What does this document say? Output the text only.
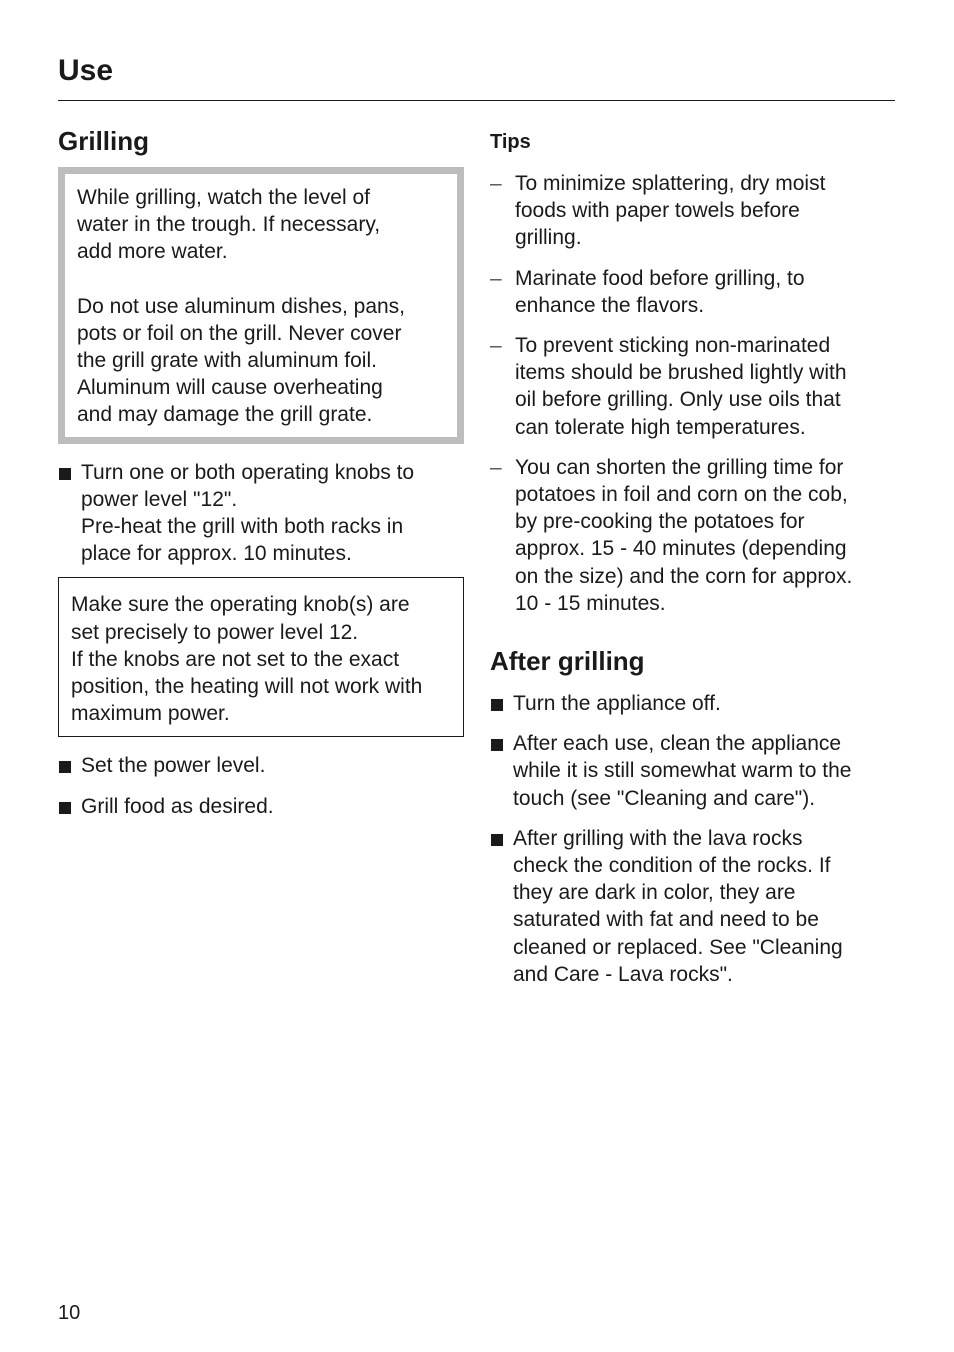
Use
Grilling

While grilling, watch the level of
water in the trough. If necessary,
add more water.

Do not use aluminum dishes, pans,
pots or foil on the grill. Never cover
the grill grate with aluminum foil.
Aluminum will cause overheating
and may damage the grill grate.

Turn one or both operating knobs to
power level "12".
Pre-heat the grill with both racks in
place for approx. 10 minutes.
Make sure the operating knob(s) are
set precisely to power level 12.
If the knobs are not set to the exact
position, the heating will not work with
maximum power.
Set the power level.
Grill food as desired.

Tips

– To minimize splattering, dry moist
foods with paper towels before
grilling.
– Marinate food before grilling, to
enhance the flavors.
– To prevent sticking non-marinated
items should be brushed lightly with
oil before grilling. Only use oils that
can tolerate high temperatures.
– You can shorten the grilling time for
potatoes in foil and corn on the cob,
by pre-cooking the potatoes for
approx. 15 - 40 minutes (depending
on the size) and the corn for approx.
10 - 15 minutes.
After grilling
Turn the appliance off.
After each use, clean the appliance
while it is still somewhat warm to the
touch (see "Cleaning and care").
After grilling with the lava rocks
check the condition of the rocks. If
they are dark in color, they are
saturated with fat and need to be
cleaned or replaced. See "Cleaning
and Care - Lava rocks".
10
